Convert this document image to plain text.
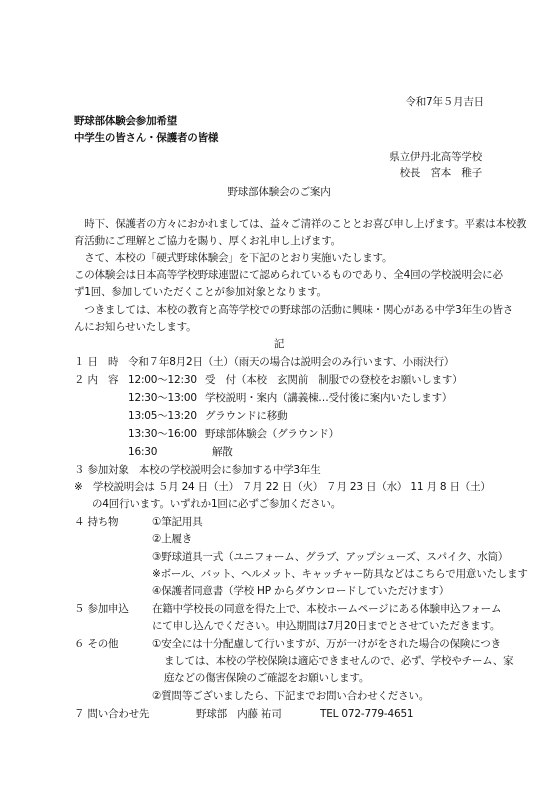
令和7年５月吉日
野球部体験会参加希望
中学生の皆さん・保護者の皆様
県立伊丹北高等学校
校長　宮本　稚子
野球部体験会のご案内
　時下、保護者の方々におかれましては、益々ご清祥のこととお喜び申し上げます。平素は本校教
育活動にご理解とご協力を賜り、厚くお礼申し上げます。
　さて、本校の「硬式野球体験会」を下記のとおり実施いたします。
この体験会は日本高等学校野球連盟にて認められているものであり、全4回の学校説明会に必
ず1回、参加していただくことが参加対象となります。
　つきましては、本校の教育と高等学校での野球部の活動に興味・関心がある中学3年生の皆さ
んにお知らせいたします。
記
１ 日　時 令和７年8月2日（土）（雨天の場合は説明会のみ行います、小雨決行）
２ 内　容 12:00～12:30 受　付（本校　玄関前　制服での登校をお願いします）
12:30～13:00 学校説明・案内（講義棟…受付後に案内いたします）
13:05～13:20 グラウンドに移動
13:30～16:00 野球部体験会（グラウンド）
16:30	解散
３ 参加対象　本校の学校説明会に参加する中学3年生
※　学校説明会は ５月 24 日（土） ７月 22 日（火） ７月 23 日（水） 11 月 8 日（土）
の4回行います。いずれか1回に必ずご参加ください。
４ 持ち物	①筆記用具
②上履き
③野球道具一式（ユニフォーム、グラブ、アップシューズ、スパイク、水筒）
※ボール、バット、ヘルメット、キャッチャー防具などはこちらで用意いたします
④保護者同意書（学校 HP からダウンロードしていただけます）
５ 参加申込 在籍中学校長の同意を得た上で、本校ホームページにある体験申込フォーム
にて申し込んでください。申込期間は7月20日までとさせていただきます。
６ その他	①安全には十分配慮して行いますが、万が一けがをされた場合の保険につき
ましては、本校の学校保険は適応できませんので、必ず、学校やチーム、家
庭などの傷害保険のご確認をお願いします。
②質問等ございましたら、下記までお問い合わせください。
７ 問い合わせ先	野球部　内藤 祐司	TEL 072-779-4651
